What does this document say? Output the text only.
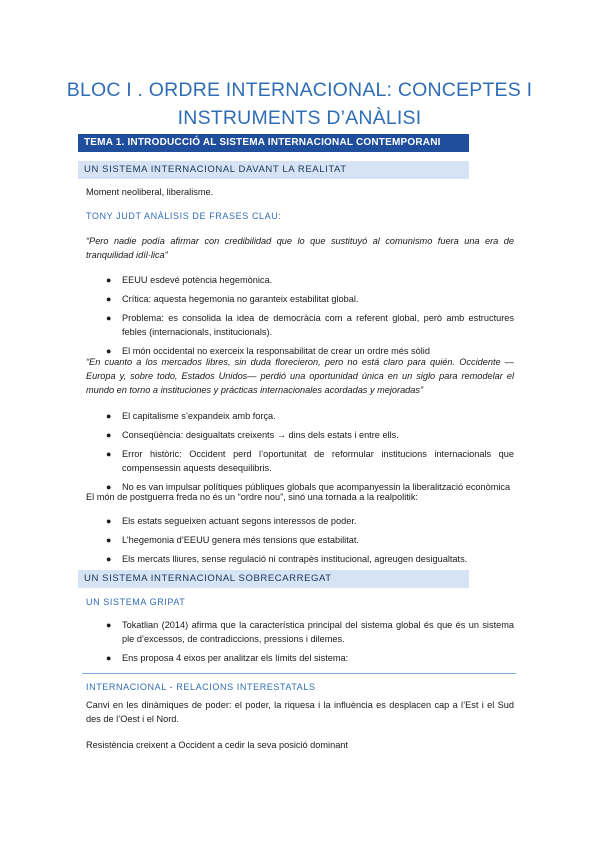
BLOC I . ORDRE INTERNACIONAL: CONCEPTES I
INSTRUMENTS D’ANÀLISI
TEMA 1. INTRODUCCIÓ AL SISTEMA INTERNACIONAL CONTEMPORANI
UN SISTEMA INTERNACIONAL DAVANT LA REALITAT
Moment neoliberal, liberalisme.
TONY JUDT ANÀLISIS DE FRASES CLAU:
“Pero nadie podía afirmar con credibilidad que lo que sustituyó al comunismo fuera una era de tranquilidad idíl·lica”
● EEUU esdevé potència hegemònica.
● Crítica: aquesta hegemonia no garanteix estabilitat global.
● Problema: es consolida la idea de democràcia com a referent global, però amb estructures febles (internacionals, institucionals).
● El món occidental no exerceix la responsabilitat de crear un ordre més sòlid
“En cuanto a los mercados libres, sin duda florecieron, pero no está claro para quién. Occidente —Europa y, sobre todo, Estados Unidos— perdió una oportunidad única en un siglo para remodelar el mundo en torno a instituciones y prácticas internacionales acordadas y mejoradas”
● El capitalisme s’expandeix amb força.
● Conseqüència: desigualtats creixents → dins dels estats i entre ells.
● Error històric: Occident perd l’oportunitat de reformular institucions internacionals que compensessin aquests desequilibris.
● No es van impulsar polítiques públiques globals que acompanyessin la liberalització econòmica
El món de postguerra freda no és un “ordre nou”, sinó una tornada a la realpolitik:
● Els estats segueixen actuant segons interessos de poder.
● L’hegemonia d’EEUU genera més tensions que estabilitat.
● Els mercats lliures, sense regulació ni contrapès institucional, agreugen desigualtats.
UN SISTEMA INTERNACIONAL SOBRECARREGAT
UN SISTEMA GRIPAT
● Tokatlian (2014) afirma que la característica principal del sistema global és que és un sistema ple d’excessos, de contradiccions, pressions i dilemes.
● Ens proposa 4 eixos per analitzar els límits del sistema:
INTERNACIONAL - RELACIONS INTERESTATALS
Canvi en les dinàmiques de poder: el poder, la riquesa i la influència es desplacen cap a l’Est i el Sud des de l’Oest i el Nord.
Resistència creixent a Occident a cedir la seva posició dominant
